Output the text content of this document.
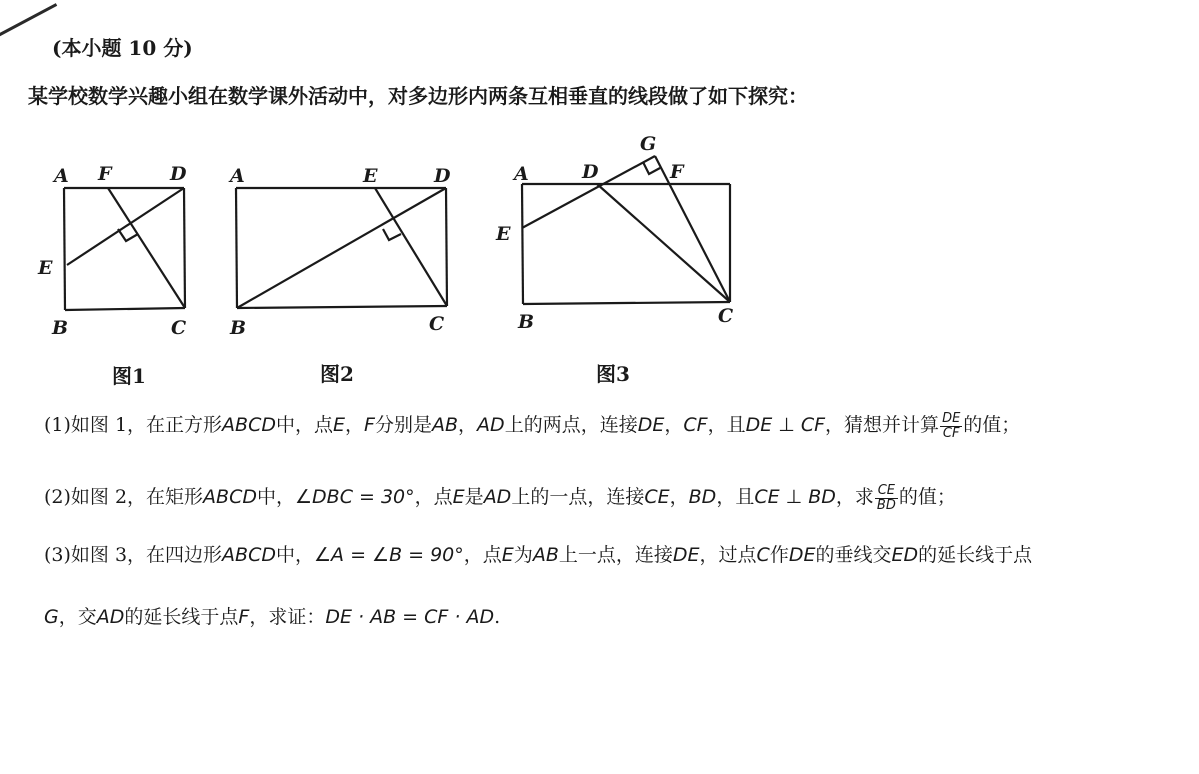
(本小题 10 分)
某学校数学兴趣小组在数学课外活动中，对多边形内两条互相垂直的线段做了如下探究：
A F	D
E
B	C
图1
A	E	D
B	C
图2
A	D
G
F
E
B	C
图3
(1)如图 1，在正方形ABCD中，点E，F分别是AB，AD上的两点，连接DE，CF，且DE ⊥ CF，猜想并计算 $\frac{DE}{CF}$ 的值；
(2)如图 2，在矩形ABCD中，∠DBC = 30°，点E是AD上的一点，连接CE，BD，且CE ⊥ BD，求 $\frac{CE}{BD}$ 的值；
(3)如图 3，在四边形ABCD中，∠A = ∠B = 90°，点E为AB上一点，连接DE，过点C作DE的垂线交ED的延长线于点
G，交AD的延长线于点F，求证：DE · AB = CF · AD.
